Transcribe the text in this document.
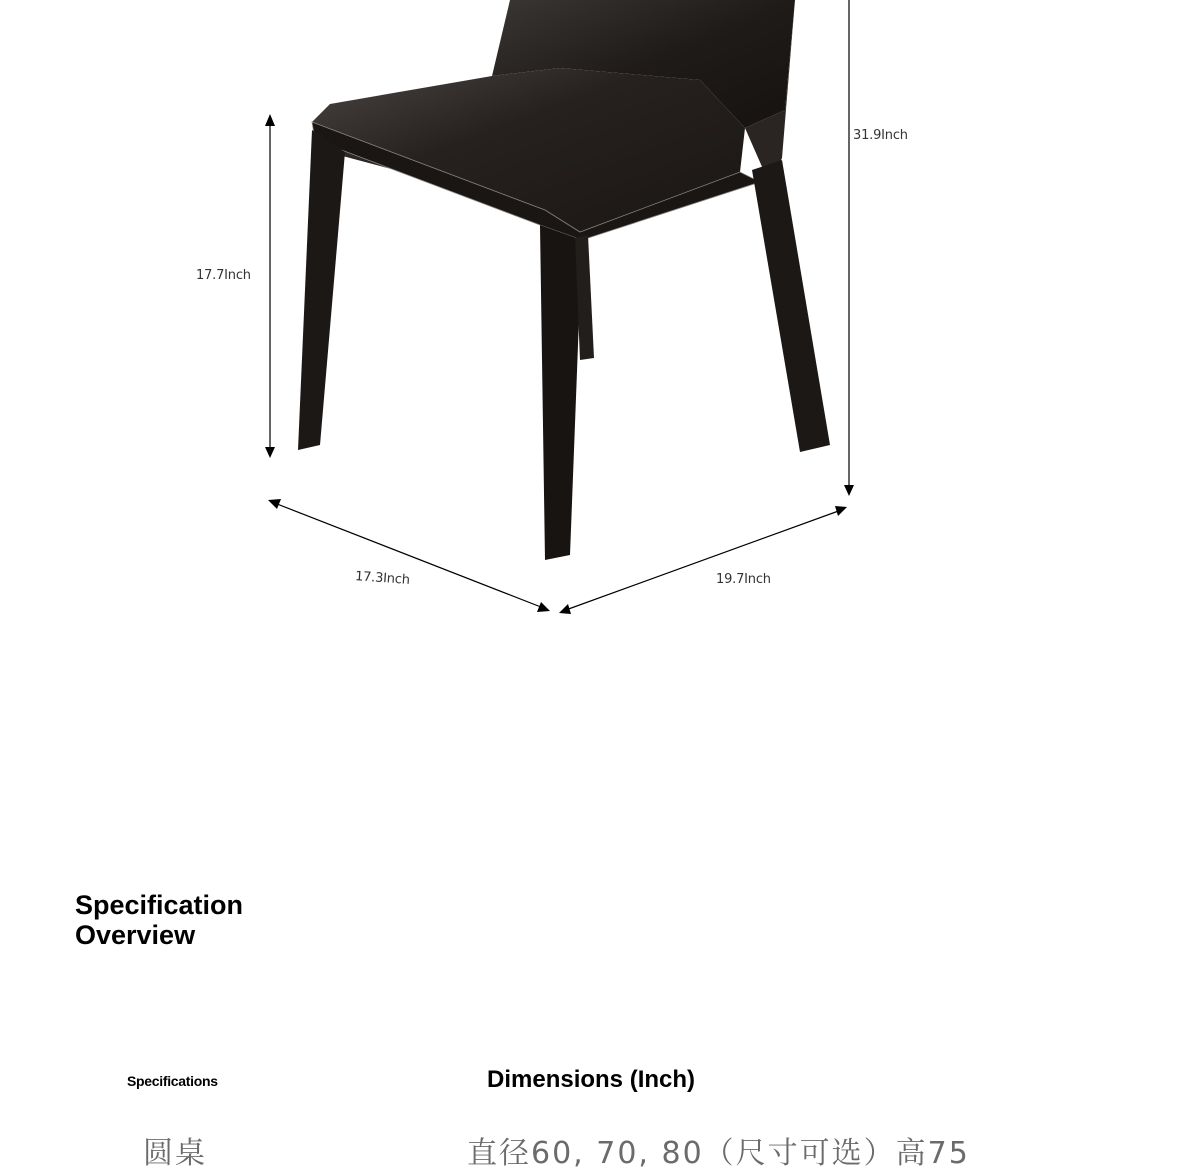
17.7Inch
31.9Inch
17.3Inch	19.7Inch
Specification Overview
Specifications	Dimensions (Inch)
圆桌	直径60, 70, 80（尺寸可选）高75
